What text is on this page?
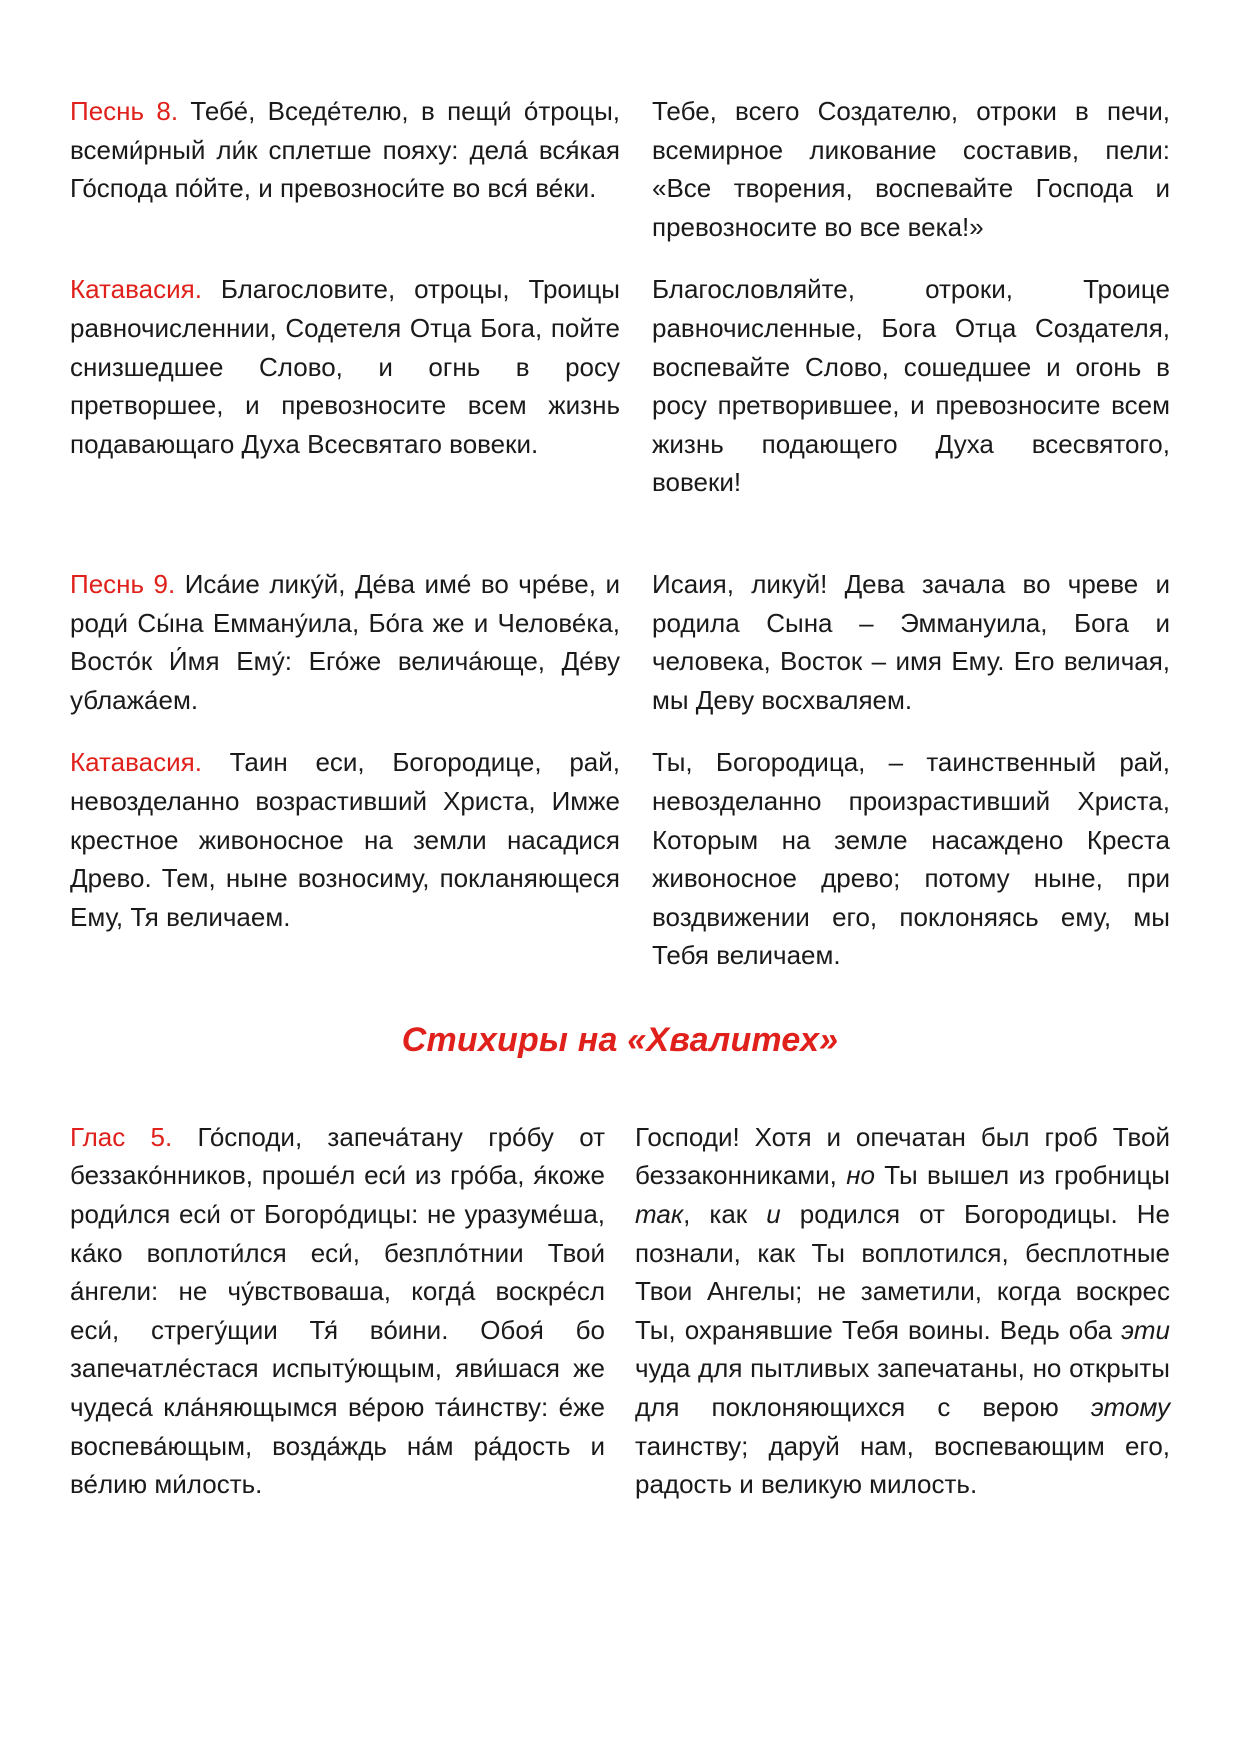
Песнь 8. Тебе́, Вседе́телю, в пещи́ о́троцы, всеми́рный ли́к сплетше пояху: дела́ вся́кая Го́спода по́йте, и превозноси́те во вся́ ве́ки.

Тебе, всего Создателю, отроки в печи, всемирное ликование составив, пели: «Все творения, воспевайте Господа и превозносите во все века!»

Катавасия. Благословите, отроцы, Троицы равночисленнии, Содетеля Отца Бога, пойте снизшедшее Слово, и огнь в росу претворшее, и превозносите всем жизнь подавающаго Духа Всесвятаго вовеки.

Благословляйте, отроки, Троице равночисленные, Бога Отца Создателя, воспевайте Слово, сошедшее и огонь в росу претворившее, и превозносите всем жизнь подающего Духа всесвятого, вовеки!

Песнь 9. Иса́ие лику́й, Де́ва име́ во чре́ве, и роди́ Сы́на Емману́ила, Бо́га же и Челове́ка, Восто́к И́мя Ему́: Его́же велича́юще, Де́ву ублажа́ем.

Исаия, ликуй! Дева зачала во чреве и родила Сына – Эммануила, Бога и человека, Восток – имя Ему. Его величая, мы Деву восхваляем.

Катавасия. Таин еси, Богородице, рай, невозделанно возрастивший Христа, Имже крестное живоносное на земли насадися Древо. Тем, ныне возносиму, покланяющеся Ему, Тя величаем.

Ты, Богородица, – таинственный рай, невозделанно произрастивший Христа, Которым на земле насаждено Креста живоносное древо; потому ныне, при воздвижении его, поклоняясь ему, мы Тебя величаем.

Стихиры на «Хвалитех»

Глас 5. Го́споди, запеча́тану гро́бу от беззако́нников, проше́л еси́ из гро́ба, я́коже роди́лся еси́ от Богоро́дицы: не уразуме́ша, ка́ко воплоти́лся еси́, безпло́тнии Твои́ а́нгели: не чу́вствоваша, когда́ воскре́сл еси́, стрегу́щии Тя́ во́ини. Обоя́ бо запечатле́стася испыту́ющым, яви́шася же чудеса́ кла́няющымся ве́рою та́инству: е́же воспева́ющым, возда́ждь на́м ра́дость и ве́лию ми́лость.

Господи! Хотя и опечатан был гроб Твой беззаконниками, но Ты вышел из гробницы так, как и родился от Богородицы. Не познали, как Ты воплотился, бесплотные Твои Ангелы; не заметили, когда воскрес Ты, охранявшие Тебя воины. Ведь оба эти чуда для пытливых запечатаны, но открыты для поклоняющихся с верою этому таинству; даруй нам, воспевающим его, радость и великую милость.
